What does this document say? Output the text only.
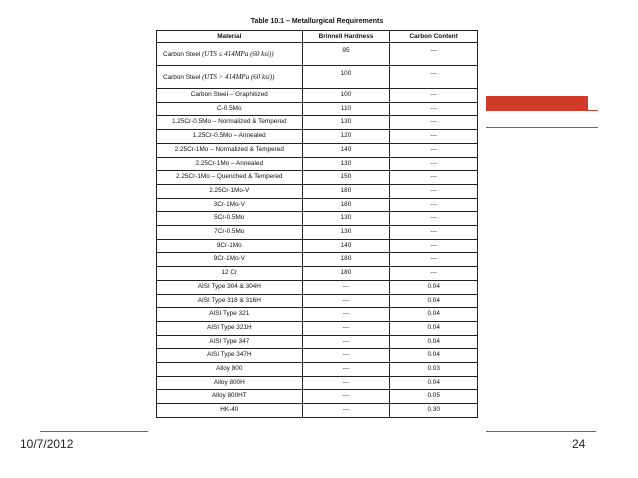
Table 10.1 – Metallurgical Requirements
Material	Brinnell Hardness	Carbon Content
Carbon Steel (UTS ≤ 414MPa (60 ksi))	95	---
Carbon Steel (UTS > 414MPa (60 ksi))	100	---
Carbon Steel – Graphitized	100	---
C-0.5Mo	110	---
1.25Cr-0.5Mo – Normalized & Tempered	130	---
1.25Cr-0.5Mo – Annealed	120	---
2.25Cr-1Mo – Normalized & Tempered	140	---
2.25Cr-1Mo – Annealed	130	---
2.25Cr-1Mo – Quenched & Tempered	150	---
2.25Cr-1Mo-V	180	---
3Cr-1Mo-V	180	---
5Cr-0.5Mo	130	---
7Cr-0.5Mo	130	---
9Cr-1Mo	140	---
9Cr-1Mo-V	180	---
12 Cr	180	---
AISI Type 304 & 304H	---	0.04
AISI Type 316 & 316H	---	0.04
AISI Type 321	---	0.04
AISI Type 321H	---	0.04
AISI Type 347	---	0.04
AISI Type 347H	---	0.04
Alloy 800	---	0.03
Alloy 800H	---	0.04
Alloy 800HT	---	0.05
HK-40	---	0.30
10/7/2012	24
